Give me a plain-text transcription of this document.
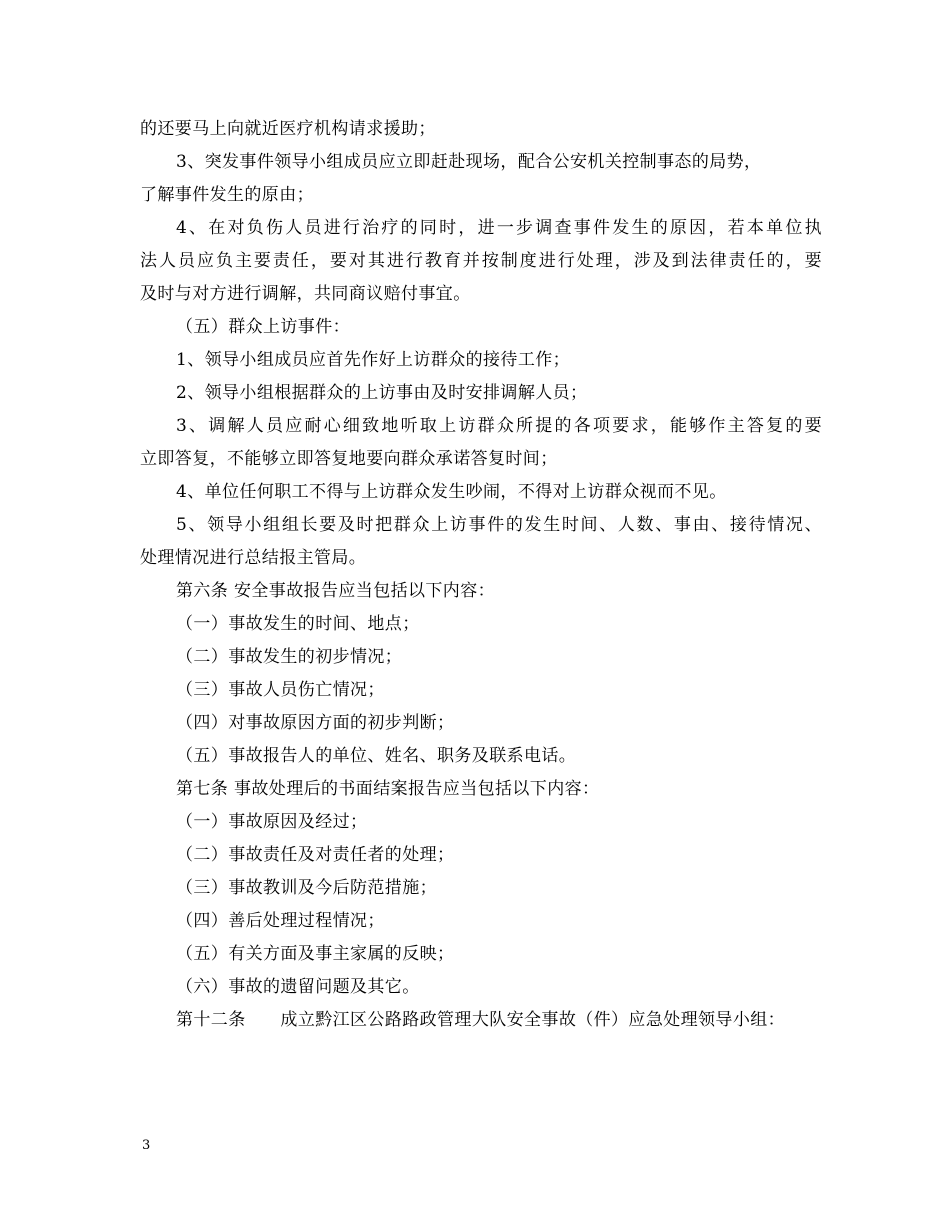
的还要马上向就近医疗机构请求援助；
3、突发事件领导小组成员应立即赶赴现场，配合公安机关控制事态的局势，
了解事件发生的原由；
4、在对负伤人员进行治疗的同时，进一步调查事件发生的原因，若本单位执
法人员应负主要责任，要对其进行教育并按制度进行处理，涉及到法律责任的，要
及时与对方进行调解，共同商议赔付事宜。
（五）群众上访事件：
1、领导小组成员应首先作好上访群众的接待工作；
2、领导小组根据群众的上访事由及时安排调解人员；
3、调解人员应耐心细致地听取上访群众所提的各项要求，能够作主答复的要
立即答复，不能够立即答复地要向群众承诺答复时间；
4、单位任何职工不得与上访群众发生吵闹，不得对上访群众视而不见。
5、领导小组组长要及时把群众上访事件的发生时间、人数、事由、接待情况、
处理情况进行总结报主管局。
第六条 安全事故报告应当包括以下内容：
（一）事故发生的时间、地点；
（二）事故发生的初步情况；
（三）事故人员伤亡情况；
（四）对事故原因方面的初步判断；
（五）事故报告人的单位、姓名、职务及联系电话。
第七条 事故处理后的书面结案报告应当包括以下内容：
（一）事故原因及经过；
（二）事故责任及对责任者的处理；
（三）事故教训及今后防范措施；
（四）善后处理过程情况；
（五）有关方面及事主家属的反映；
（六）事故的遗留问题及其它。
第十二条      成立黔江区公路路政管理大队安全事故（件）应急处理领导小组：
3
